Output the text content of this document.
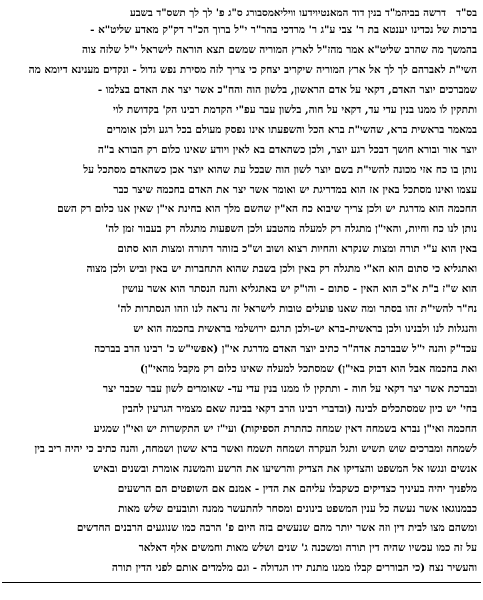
בס"ד
דרשה בביהמ"ד בנין דוד המאנטיוידעו וויליאמסבורג ס"ג פ' לך לך תשס"ד בשבע
ברכות של נכדינו יענטא בת ר' צבי ע"ג ר' מרדכי בהר"ר י"ל ברוך הכ"ר דק"ק מאדע שליט"א -
בהמשך מה שהרב שליט"א אמר מהז"ל לארץ המוריה שמשם תצא הוראה לישראל י"ל שלזה צוה
השי"ת לאברהם לך לך אל ארץ המוריה שיקריב יצחק כי צריך לזה מסירת נפש גדול - ונקדים מענינא דיומא מה
שמברכים יוצר האדם, דקאי על אדם הראשון, בלשון הוה והח"כ אשר יצר את האדם בצלמו -
ותתקין לו ממנו בנין עדי עד, דקאי על חוה, בלשון עבר עפ"י הקדמת רבינו הק' בקדושת לוי
במאמר בראשית ברא, שהשי"ת ברא הכל והשפעתו אינו נפסק מעולם בכל רגע ולכן אומרים
יוצר אור ובורא חושך דבכל רגע יוצר, ולכן כשהאדם בא לאין ויודע שאינו כלום רק הבורא ב"ה
נותן בו כח אזי מכונה להשי"ת בשם יוצר לשון הוה שבכל עת שהוא יוצר אכן כשהאדם מסתכל על
עצמו ואינו מסתכל באין אז הוא במדריגת יש ואומר אשר יצר את האדם בחכמה שיצר כבר
החכמה הוא מדרגת יש ולכן צריך שיבוא כח הא"ין שהשם מלך הוא בחינת אי"ן שאין אנו כלום רק השם
נותן לנו כח וחיות, והאי"ן מתגלה רק למעלה מהטבע ולכן השפעות מתגלה רק בעבור זמן לה'
באין הוא ע"י תורה ומצות שנקרא והחיות רצוא ושוב וש"כ בזוהר דתורה ומצות הוא סתום
ואתגליא כי סתום הוא הא"י מתגלה רק באין ולכן בשבת שהוא התחברות יש באין וביש ולכן מצוה
הוא ש"ז ב"ת א"כ הוא האין - סתום - והו"ק יש באתגליא והנה הנסתר הוא אשר עושין
נח"ר להשי"ת זהו בסתר ומה שאנו פועלים טובות לישראל זה נראה לנו וזהו הנסתרות לה'
והנגלות לנו ולבנינו ולכן בראשית-ברא יש-ולכן תרגם ירושלמי בראשית בחכמה הוא יש
עכד"ק והנה י"ל שבברכת אדה"ר כתיב יוצר האדם מדרגת אי"ן (אפשי"ש כ' רבינו הרב בברכה
ואת בחכמה אבל הוא דבוק באי"ן) שמסתכל למעלה שאינו כלום רק מקבל מהאי"ן)
ובברכת אשר יצר דקאי על חוה - ותתקין לו ממנו בנין עדי עד- שאומרים לשון עבר שכבר יצר
בחי' יש כיון שמסתכלים לבינה (ובדברי רבינו הרב דקאי בבינה שאם מצמיר הגרעין להבין
החכמה ואי"ן נברא בשמחה דאין שמחה כהתרת הספיקות) ועי"ז יש התקשרות יש ואי"ן שמגיע
לשמחה ומברכים שוש תשיש ותגל העקרה ושמחה תשמח ואשר ברא ששון ושמחה, והנה כתיב כי יהיה ריב בין
אנשים ונגשו אל המשפט והצדיקו את הצדיק והרשיעו את הרשע והמשנה אומרת ובשנים ובאיש
מלפניך יהיה בעיניך כצדיקים כשקבלו עליהם את הדין - אמנם אם השופטים הם הרשעים
כבמנוגאו אשר נעשה כל ענין המשפט בינונים ומסחר להתעשר ממנה ותובעים שלש מאות
ומשהם מצו לבית דין וזה אשר יותר מהם שנעשים בזה היום פ' הרבה כמו שנוגעים הרבנים החדשים
על זה כמו עכשיו שהיה דין תורה ומשכנה ג' שנים ושלש מאות וחמשים אלף דאלאר
והעשיר נצח (כי הבוררים קבלו ממנו מתנת ידו הגדולה - וגם מלמדים אותם לפני הדין תורה
